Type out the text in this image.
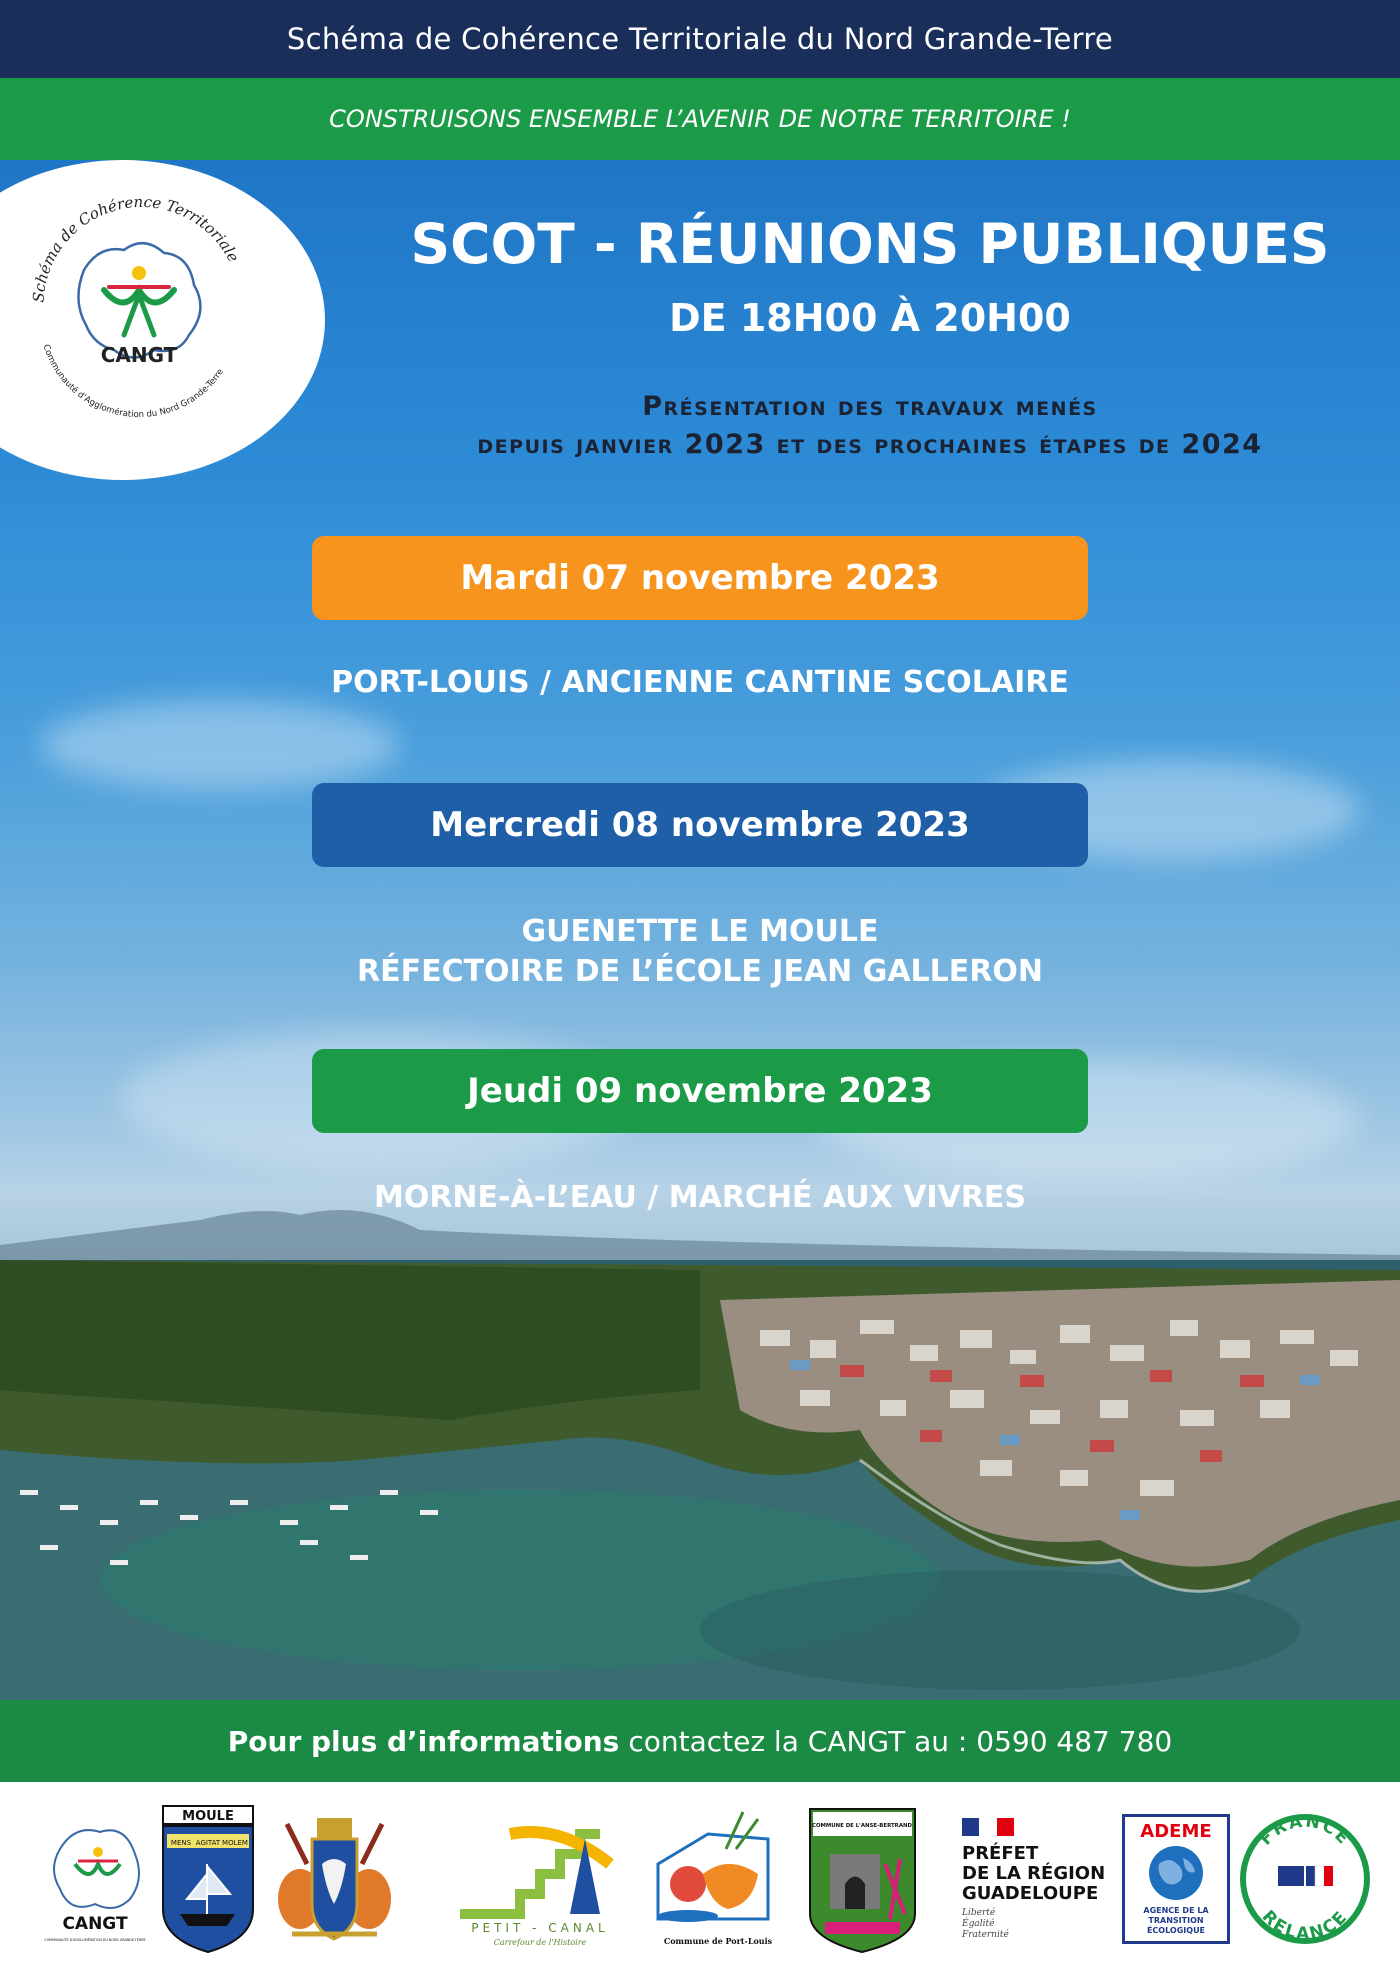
Schéma de Cohérence Territoriale du Nord Grande-Terre
CONSTRUISONS ENSEMBLE L’AVENIR DE NOTRE TERRITOIRE !
Schéma de Cohérence Territoriale
Communauté d’Agglomération du Nord Grande-Terre
CANGT
SCOT - RÉUNIONS PUBLIQUES
DE 18H00 À 20H00
Présentation des travaux menés
depuis janvier 2023 et des prochaines étapes de 2024
Mardi 07 novembre 2023
PORT-LOUIS / ANCIENNE CANTINE SCOLAIRE
Mercredi 08 novembre 2023
GUENETTE LE MOULE
RÉFECTOIRE DE L’ÉCOLE JEAN GALLERON
Jeudi 09 novembre 2023
MORNE-À-L’EAU / MARCHÉ AUX VIVRES
Pour plus d’informations contactez la CANGT au : 0590 487 780
CANGT
COMMUNAUTÉ D'AGGLOMÉRATION DU NORD GRANDE-TERRE
MOULE
MENS AGITAT MOLEM
PETIT - CANAL
Carrefour de l'Histoire	Commune de Port-Louis
COMMUNE DE L'ANSE-BERTRAND
PRÉFET
DE LA RÉGION
GUADELOUPE
Liberté
Égalité
Fraternité
ADEME
AGENCE DE LA
TRANSITION
ÉCOLOGIQUE
FRANCE
RELANCE
